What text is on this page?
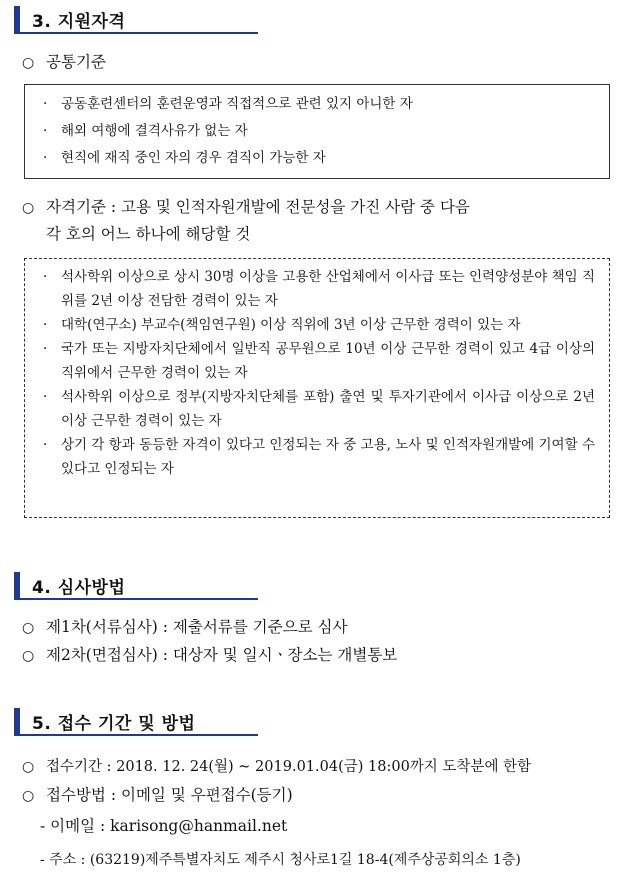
3. 지원자격
○ 공통기준
· 공동훈련센터의 훈련운영과 직접적으로 관련 있지 아니한 자
· 해외 여행에 결격사유가 없는 자
· 현직에 재직 중인 자의 경우 겸직이 가능한 자
○ 자격기준 : 고용 및 인적자원개발에 전문성을 가진 사람 중 다음
각 호의 어느 하나에 해당할 것
· 석사학위 이상으로 상시 30명 이상을 고용한 산업체에서 이사급 또는 인력양성분야 책임 직위를 2년 이상 전담한 경력이 있는 자
· 대학(연구소) 부교수(책임연구원) 이상 직위에 3년 이상 근무한 경력이 있는 자
· 국가 또는 지방자치단체에서 일반직 공무원으로 10년 이상 근무한 경력이 있고 4급 이상의 직위에서 근무한 경력이 있는 자
· 석사학위 이상으로 정부(지방자치단체를 포함) 출연 및 투자기관에서 이사급 이상으로 2년 이상 근무한 경력이 있는 자
· 상기 각 항과 동등한 자격이 있다고 인정되는 자 중 고용, 노사 및 인적자원개발에 기여할 수 있다고 인정되는 자
4. 심사방법
○ 제1차(서류심사) : 제출서류를 기준으로 심사
○ 제2차(면접심사) : 대상자 및 일시ㆍ장소는 개별통보
5. 접수 기간 및 방법
○ 접수기간 : 2018. 12. 24(월) ~ 2019.01.04(금) 18:00까지 도착분에 한함
○ 접수방법 : 이메일 및 우편접수(등기)
- 이메일 : karisong@hanmail.net
- 주소 : (63219)제주특별자치도 제주시 청사로1길 18-4(제주상공회의소 1층)
